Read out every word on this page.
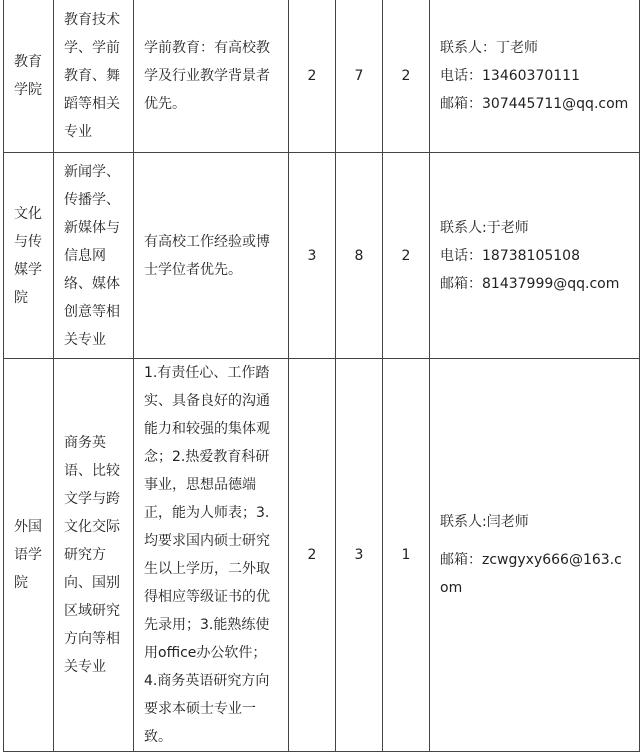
教育学院	教育技术学、学前教育、舞蹈等相关专业	学前教育：有高校教学及行业教学背景者优先。	2	7	2	联系人：丁老师
电话：13460370111
邮箱：307445711@qq.com

文化与传媒学院	新闻学、传播学、新媒体与信息网络、媒体创意等相关专业	有高校工作经验或博士学位者优先。	3	8	2	联系人:于老师
电话：18738105108
邮箱：81437999@qq.com

外国语学院	商务英语、比较文学与跨文化交际研究方向、国别区域研究方向等相关专业	1.有责任心、工作踏实、具备良好的沟通能力和较强的集体观念；2.热爱教育科研事业，思想品德端正，能为人师表；3.均要求国内硕士研究生以上学历，二外取得相应等级证书的优先录用；3.能熟练使用office办公软件；4.商务英语研究方向要求本硕士专业一致。	2	3	1	联系人:闫老师
邮箱：zcwgyxy666@163.com
